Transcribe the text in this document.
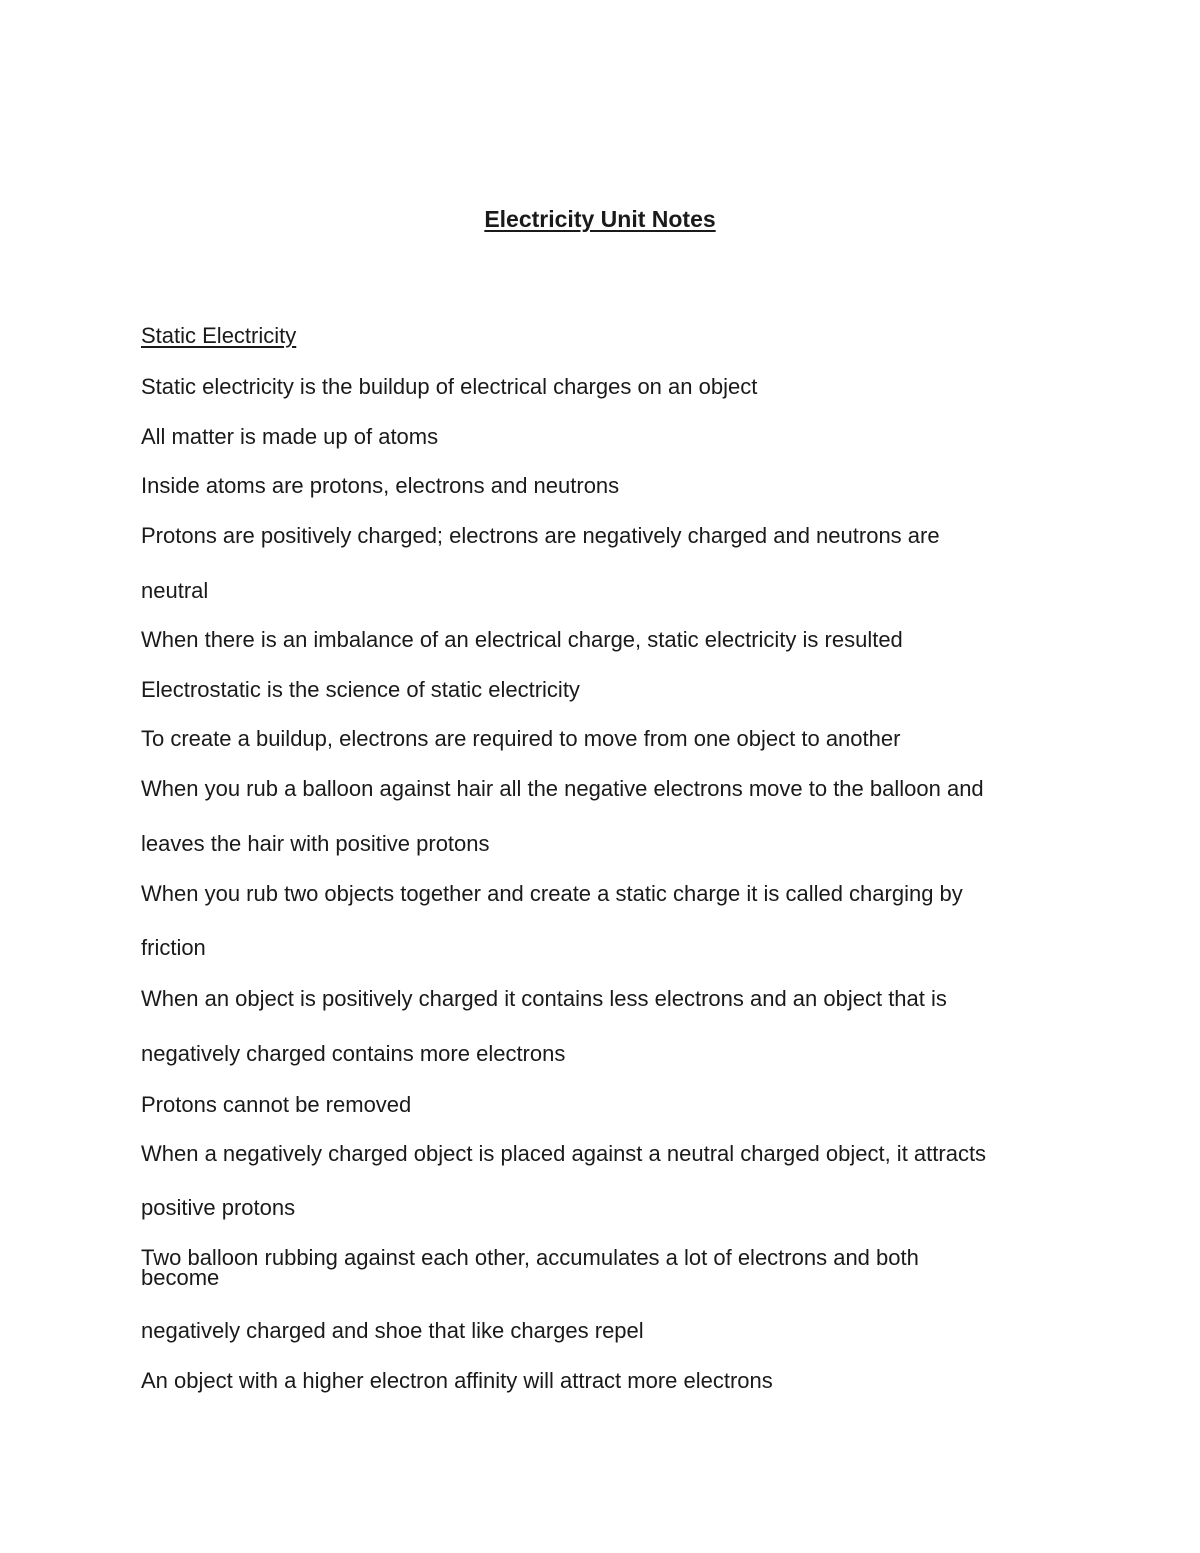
Electricity Unit Notes
Static Electricity
Static electricity is the buildup of electrical charges on an object
All matter is made up of atoms
Inside atoms are protons, electrons and neutrons
Protons are positively charged; electrons are negatively charged and neutrons are
neutral
When there is an imbalance of an electrical charge, static electricity is resulted
Electrostatic is the science of static electricity
To create a buildup, electrons are required to move from one object to another
When you rub a balloon against hair all the negative electrons move to the balloon and
leaves the hair with positive protons
When you rub two objects together and create a static charge it is called charging by
friction
When an object is positively charged it contains less electrons and an object that is
negatively charged contains more electrons
Protons cannot be removed
When a negatively charged object is placed against a neutral charged object, it attracts
positive protons
Two balloon rubbing against each other, accumulates a lot of electrons and both
become
negatively charged and shoe that like charges repel
An object with a higher electron affinity will attract more electrons
